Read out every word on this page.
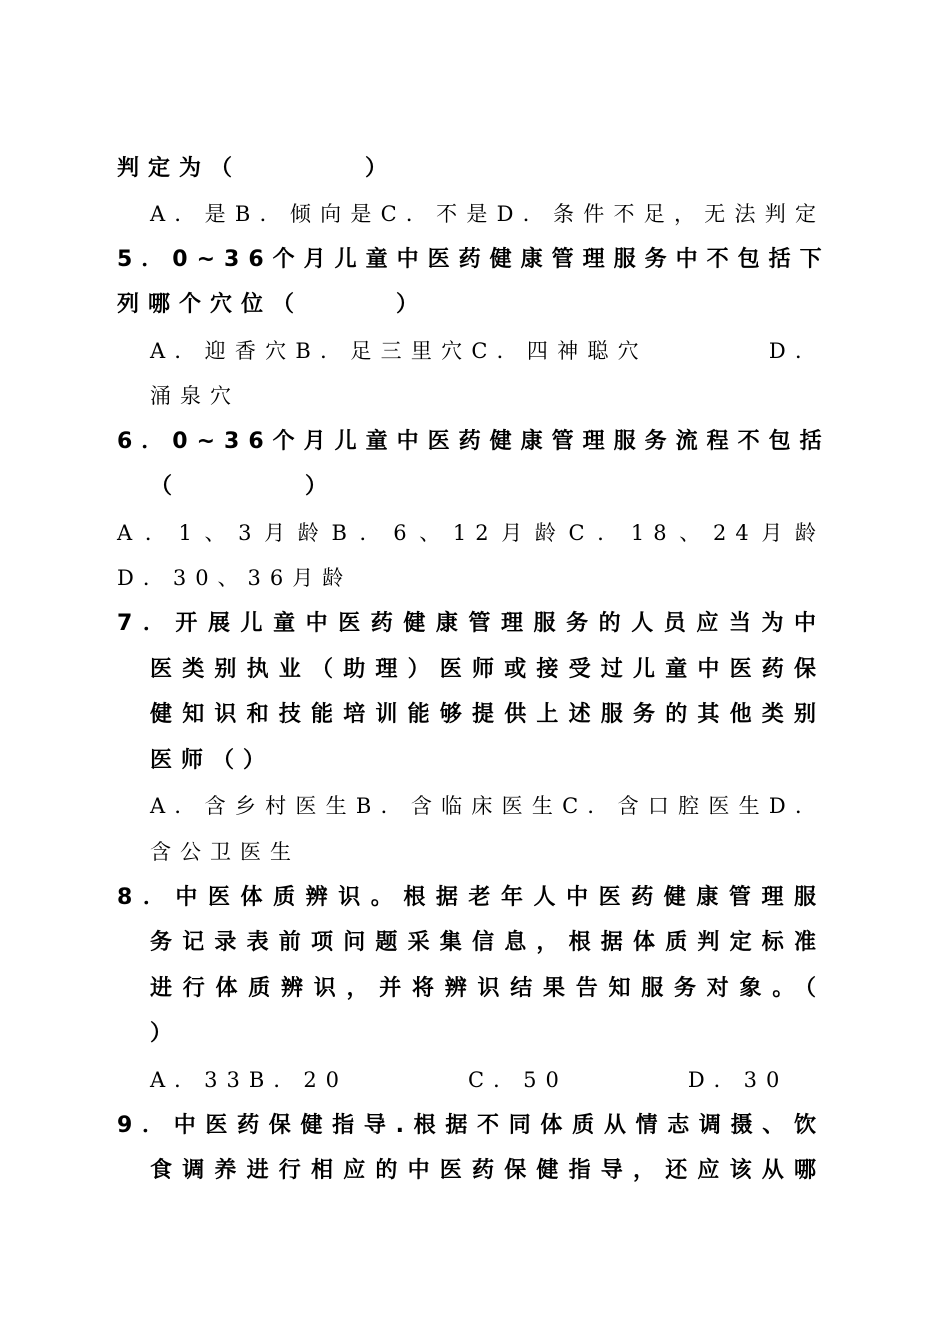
判定为（　　　　）
A．是B．倾向是C．不是D．条件不足，无法判定
5．0~36个月儿童中医药健康管理服务中不包括下
列哪个穴位（　　　）
A．迎香穴B．足三里穴C．四神聪穴　　　　D．
涌泉穴
6．0~36个月儿童中医药健康管理服务流程不包括
（　　　　）
A．1、3月龄B．6、12月龄C．18、24月龄
D．30、36月龄
7．开展儿童中医药健康管理服务的人员应当为中
医类别执业（助理）医师或接受过儿童中医药保
健知识和技能培训能够提供上述服务的其他类别
医师（）
A．含乡村医生B．含临床医生C．含口腔医生D．
含公卫医生
8．中医体质辨识。根据老年人中医药健康管理服
务记录表前项问题采集信息，根据体质判定标准
进行体质辨识，并将辨识结果告知服务对象。（
）
A．33B．20　　　　C．50　　　　D．30
9．中医药保健指导.根据不同体质从情志调摄、饮
食调养进行相应的中医药保健指导，还应该从哪
